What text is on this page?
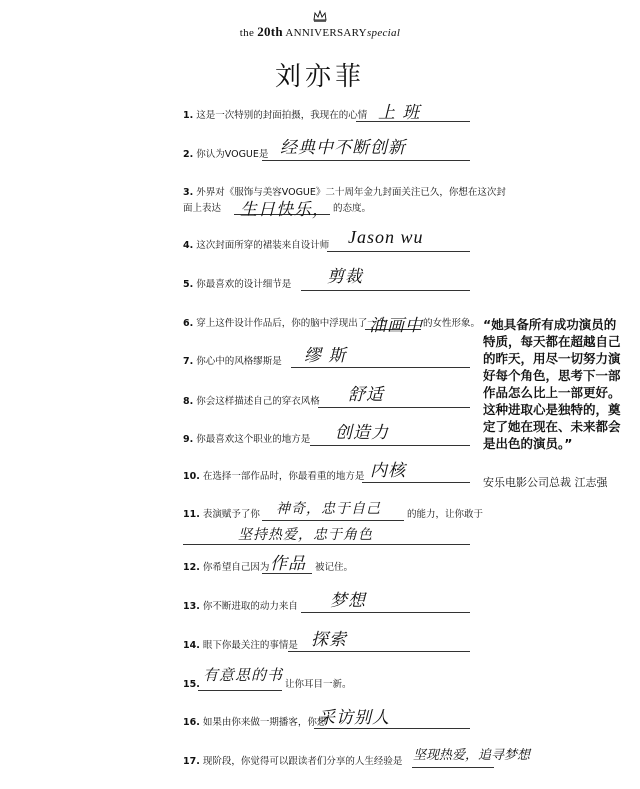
the 20th ANNIVERSARYspecial
刘亦菲
1. 这是一次特别的封面拍摄，我现在的心情 上 班
2. 你认为VOGUE是 经典中不断创新
3. 外界对《服饰与美容VOGUE》二十周年金九封面关注已久，你想在这次封
面上表达 生日快乐， 的态度。
4. 这次封面所穿的裙装来自设计师 Jason wu
5. 你最喜欢的设计细节是 剪裁
6. 穿上这件设计作品后，你的脑中浮现出了一个
油画中 的女性形象。
7. 你心中的风格缪斯是 缪 斯
8. 你会这样描述自己的穿衣风格 舒适
9. 你最喜欢这个职业的地方是 创造力
10. 在选择一部作品时，你最看重的地方是 内核
11. 表演赋予了你 神奇，忠于自己	的能力，让你敢于
坚持热爱，忠于角色
12. 你希望自己因为 作品 被记住。
13. 你不断进取的动力来自 梦想
14. 眼下你最关注的事情是 探索
15.
有意思的书
让你耳目一新。
16. 如果由你来做一期播客，你想
采访别人
17. 现阶段，你觉得可以跟读者们分享的人生经验是 坚现热爱，追寻梦想
“她具备所有成功演员的特质，每天都在超越自己的昨天，用尽一切努力演好每个角色，思考下一部作品怎么比上一部更好。这种进取心是独特的，奠定了她在现在、未来都会是出色的演员。”
安乐电影公司总裁 江志强
